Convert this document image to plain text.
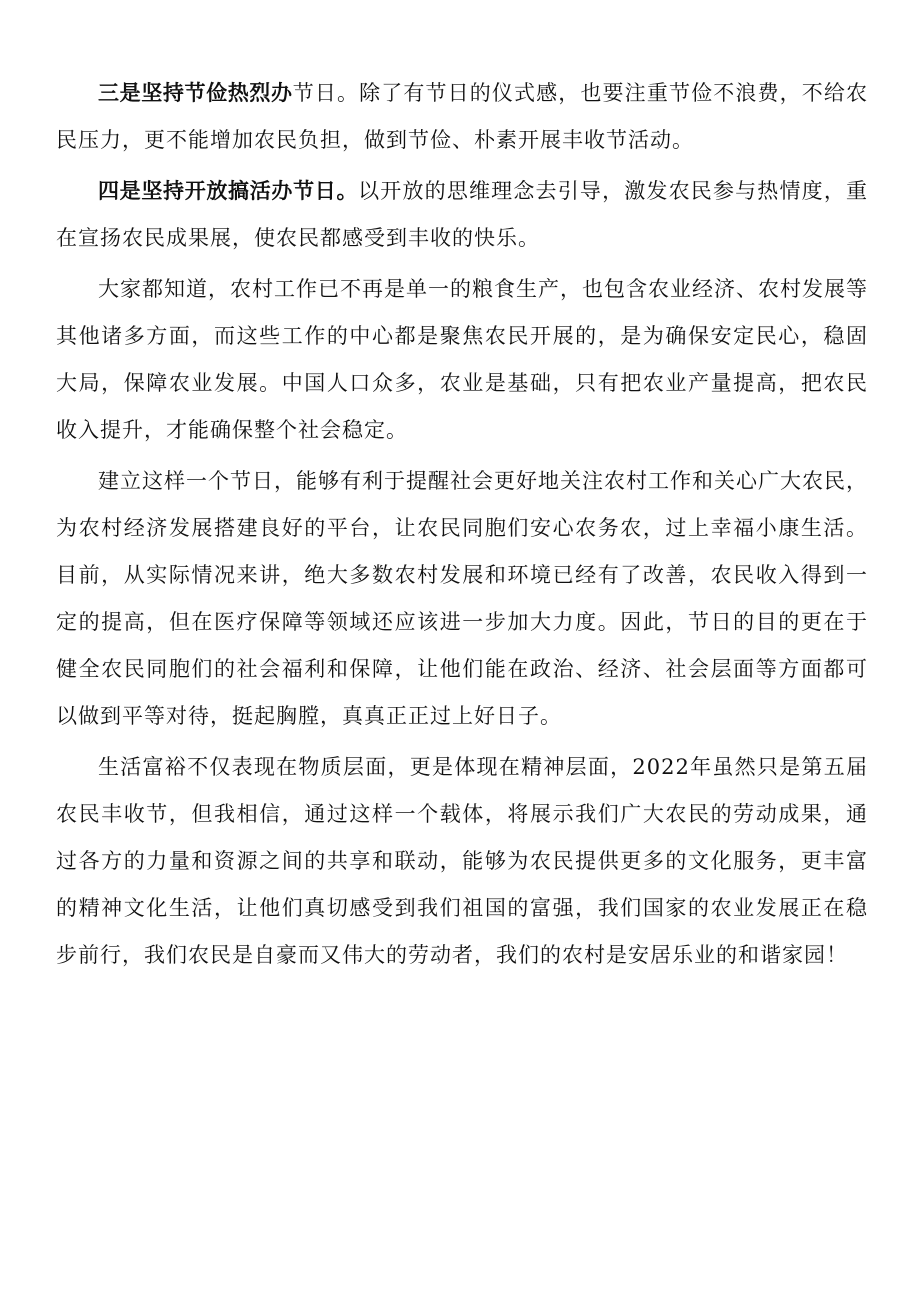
三是坚持节俭热烈办节日。除了有节日的仪式感，也要注重节俭不浪费，不给农民压力，更不能增加农民负担，做到节俭、朴素开展丰收节活动。

四是坚持开放搞活办节日。以开放的思维理念去引导，激发农民参与热情度，重在宣扬农民成果展，使农民都感受到丰收的快乐。

大家都知道，农村工作已不再是单一的粮食生产，也包含农业经济、农村发展等其他诸多方面，而这些工作的中心都是聚焦农民开展的，是为确保安定民心，稳固大局，保障农业发展。中国人口众多，农业是基础，只有把农业产量提高，把农民收入提升，才能确保整个社会稳定。

建立这样一个节日，能够有利于提醒社会更好地关注农村工作和关心广大农民，为农村经济发展搭建良好的平台，让农民同胞们安心农务农，过上幸福小康生活。目前，从实际情况来讲，绝大多数农村发展和环境已经有了改善，农民收入得到一定的提高，但在医疗保障等领域还应该进一步加大力度。因此，节日的目的更在于健全农民同胞们的社会福利和保障，让他们能在政治、经济、社会层面等方面都可以做到平等对待，挺起胸膛，真真正正过上好日子。

生活富裕不仅表现在物质层面，更是体现在精神层面，2022年虽然只是第五届农民丰收节，但我相信，通过这样一个载体，将展示我们广大农民的劳动成果，通过各方的力量和资源之间的共享和联动，能够为农民提供更多的文化服务，更丰富的精神文化生活，让他们真切感受到我们祖国的富强，我们国家的农业发展正在稳步前行，我们农民是自豪而又伟大的劳动者，我们的农村是安居乐业的和谐家园！
